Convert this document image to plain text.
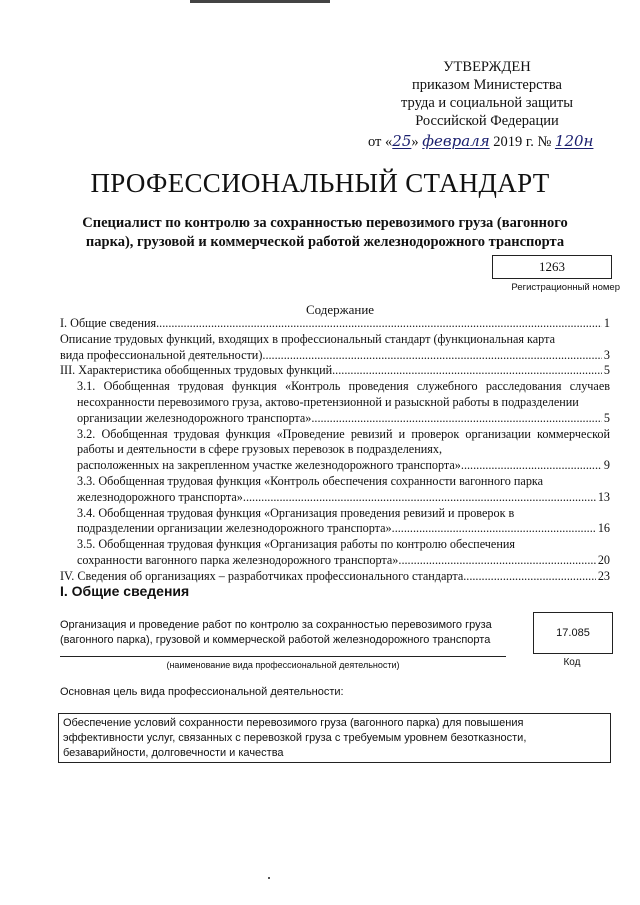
УТВЕРЖДЕН
приказом Министерства
труда и социальной защиты
Российской Федерации
от «25» февраля 2019 г. № 120н
ПРОФЕССИОНАЛЬНЫЙ СТАНДАРТ
Специалист по контролю за сохранностью перевозимого груза (вагонного парка), грузовой и коммерческой работой железнодорожного транспорта
1263
Регистрационный номер
Содержание
I. Общие сведения .....	1
Описание трудовых функций, входящих в профессиональный стандарт (функциональная карта
вида профессиональной деятельности) .....	3
III. Характеристика обобщенных трудовых функций .....	5
3.1. Обобщенная трудовая функция «Контроль проведения служебного расследования случаев несохранности перевозимого груза, актово-претензионной и разыскной работы в подразделении
организации железнодорожного транспорта» .....	5
3.2. Обобщенная трудовая функция «Проведение ревизий и проверок организации коммерческой работы и деятельности в сфере грузовых перевозок в подразделениях,
расположенных на закрепленном участке железнодорожного транспорта» .....	9
3.3. Обобщенная трудовая функция «Контроль обеспечения сохранности вагонного парка
железнодорожного транспорта» .....	13
3.4. Обобщенная трудовая функция «Организация проведения ревизий и проверок в
подразделении организации железнодорожного транспорта» .....	16
3.5. Обобщенная трудовая функция «Организация работы по контролю обеспечения
сохранности вагонного парка железнодорожного транспорта» .....	20
IV. Сведения об организациях – разработчиках профессионального стандарта .....	23
I. Общие сведения
Организация и проведение работ по контролю за сохранностью перевозимого груза (вагонного парка), грузовой и коммерческой работой железнодорожного транспорта
(наименование вида профессиональной деятельности)
17.085
Код
Основная цель вида профессиональной деятельности:
Обеспечение условий сохранности перевозимого груза (вагонного парка) для повышения эффективности услуг, связанных с перевозкой груза с требуемым уровнем безотказности, безаварийности, долговечности и качества
